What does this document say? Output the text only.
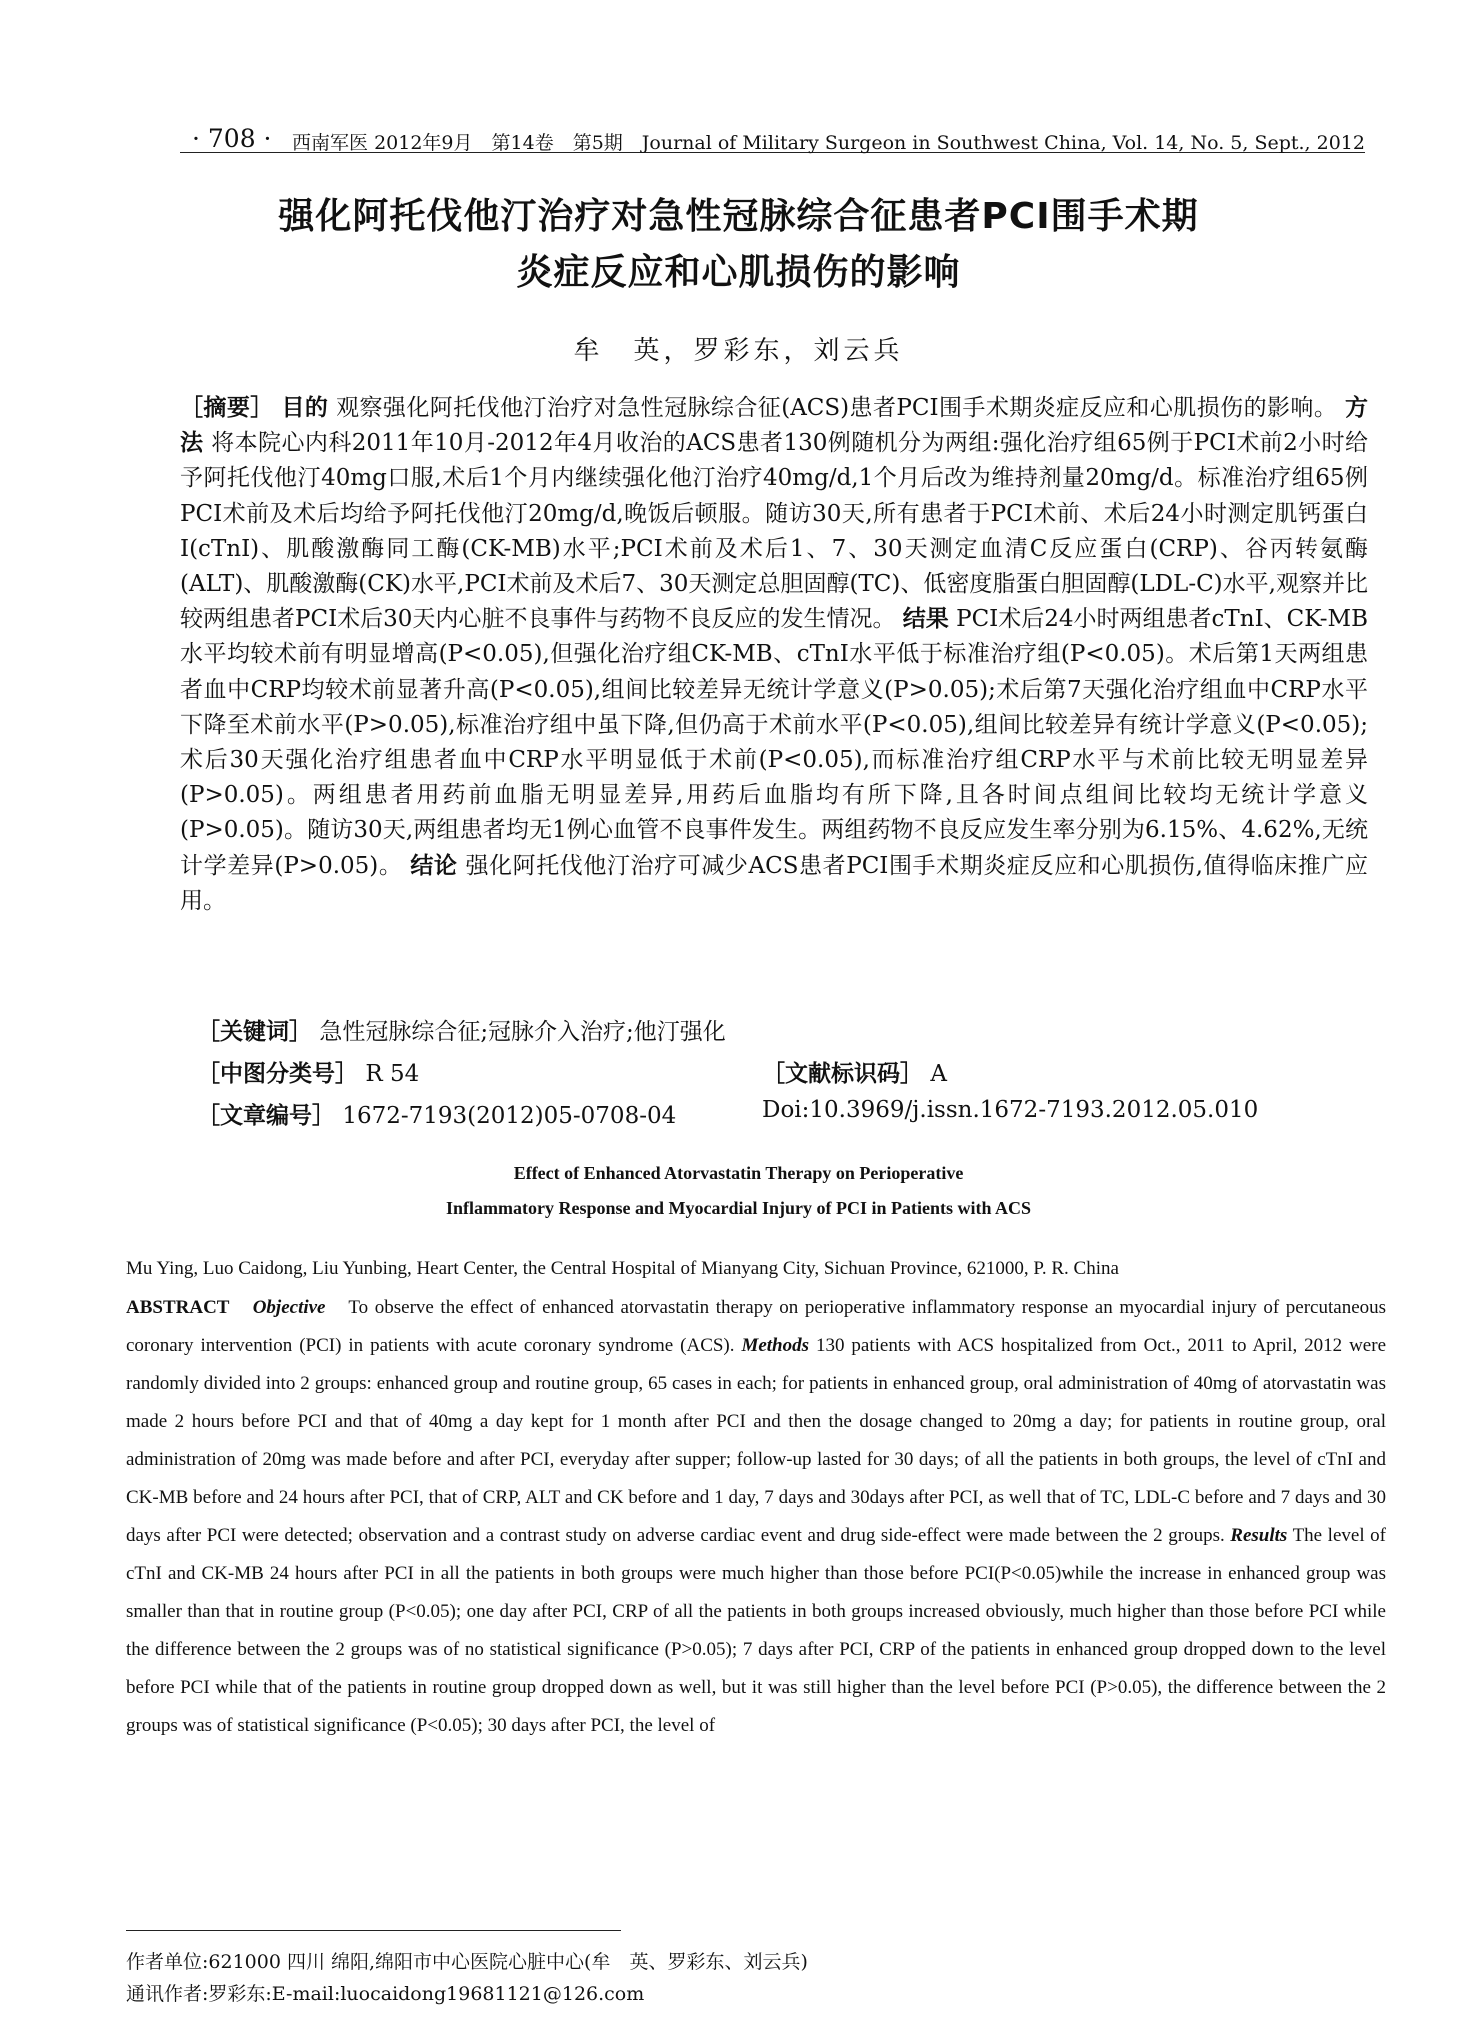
· 708 · 西南军医 2012年9月　第14卷　第5期　Journal of Military Surgeon in Southwest China, Vol. 14, No. 5, Sept., 2012
强化阿托伐他汀治疗对急性冠脉综合征患者PCI围手术期
炎症反应和心肌损伤的影响
牟　英，罗彩东，刘云兵
［摘要］ 目的 观察强化阿托伐他汀治疗对急性冠脉综合征(ACS)患者PCI围手术期炎症反应和心肌损伤的影响。 方法 将本院心内科2011年10月-2012年4月收治的ACS患者130例随机分为两组:强化治疗组65例于PCI术前2小时给予阿托伐他汀40mg口服,术后1个月内继续强化他汀治疗40mg/d,1个月后改为维持剂量20mg/d。标准治疗组65例PCI术前及术后均给予阿托伐他汀20mg/d,晚饭后顿服。随访30天,所有患者于PCI术前、术后24小时测定肌钙蛋白I(cTnI)、肌酸激酶同工酶(CK-MB)水平;PCI术前及术后1、7、30天测定血清C反应蛋白(CRP)、谷丙转氨酶(ALT)、肌酸激酶(CK)水平,PCI术前及术后7、30天测定总胆固醇(TC)、低密度脂蛋白胆固醇(LDL-C)水平,观察并比较两组患者PCI术后30天内心脏不良事件与药物不良反应的发生情况。 结果 PCI术后24小时两组患者cTnI、CK-MB水平均较术前有明显增高(P<0.05),但强化治疗组CK-MB、cTnI水平低于标准治疗组(P<0.05)。术后第1天两组患者血中CRP均较术前显著升高(P<0.05),组间比较差异无统计学意义(P>0.05);术后第7天强化治疗组血中CRP水平下降至术前水平(P>0.05),标准治疗组中虽下降,但仍高于术前水平(P<0.05),组间比较差异有统计学意义(P<0.05);术后30天强化治疗组患者血中CRP水平明显低于术前(P<0.05),而标准治疗组CRP水平与术前比较无明显差异(P>0.05)。两组患者用药前血脂无明显差异,用药后血脂均有所下降,且各时间点组间比较均无统计学意义(P>0.05)。随访30天,两组患者均无1例心血管不良事件发生。两组药物不良反应发生率分别为6.15%、4.62%,无统计学差异(P>0.05)。 结论 强化阿托伐他汀治疗可减少ACS患者PCI围手术期炎症反应和心肌损伤,值得临床推广应用。
［关键词］ 急性冠脉综合征;冠脉介入治疗;他汀强化
［中图分类号］ R 54	［文献标识码］ A
［文章编号］ 1672-7193(2012)05-0708-04	Doi:10.3969/j.issn.1672-7193.2012.05.010
Effect of Enhanced Atorvastatin Therapy on Perioperative
Inflammatory Response and Myocardial Injury of PCI in Patients with ACS
Mu Ying, Luo Caidong, Liu Yunbing, Heart Center, the Central Hospital of Mianyang City, Sichuan Province, 621000, P. R. China
ABSTRACT Objective To observe the effect of enhanced atorvastatin therapy on perioperative inflammatory response an myocardial injury of percutaneous coronary intervention (PCI) in patients with acute coronary syndrome (ACS). Methods 130 patients with ACS hospitalized from Oct., 2011 to April, 2012 were randomly divided into 2 groups: enhanced group and routine group, 65 cases in each; for patients in enhanced group, oral administration of 40mg of atorvastatin was made 2 hours before PCI and that of 40mg a day kept for 1 month after PCI and then the dosage changed to 20mg a day; for patients in routine group, oral administration of 20mg was made before and after PCI, everyday after supper; follow-up lasted for 30 days; of all the patients in both groups, the level of cTnI and CK-MB before and 24 hours after PCI, that of CRP, ALT and CK before and 1 day, 7 days and 30days after PCI, as well that of TC, LDL-C before and 7 days and 30 days after PCI were detected; observation and a contrast study on adverse cardiac event and drug side-effect were made between the 2 groups. Results The level of cTnI and CK-MB 24 hours after PCI in all the patients in both groups were much higher than those before PCI(P<0.05)while the increase in enhanced group was smaller than that in routine group (P<0.05); one day after PCI, CRP of all the patients in both groups increased obviously, much higher than those before PCI while the difference between the 2 groups was of no statistical significance (P>0.05); 7 days after PCI, CRP of the patients in enhanced group dropped down to the level before PCI while that of the patients in routine group dropped down as well, but it was still higher than the level before PCI (P>0.05), the difference between the 2 groups was of statistical significance (P<0.05); 30 days after PCI, the level of
作者单位:621000 四川 绵阳,绵阳市中心医院心脏中心(牟　英、罗彩东、刘云兵)
通讯作者:罗彩东:E-mail:luocaidong19681121@126.com
